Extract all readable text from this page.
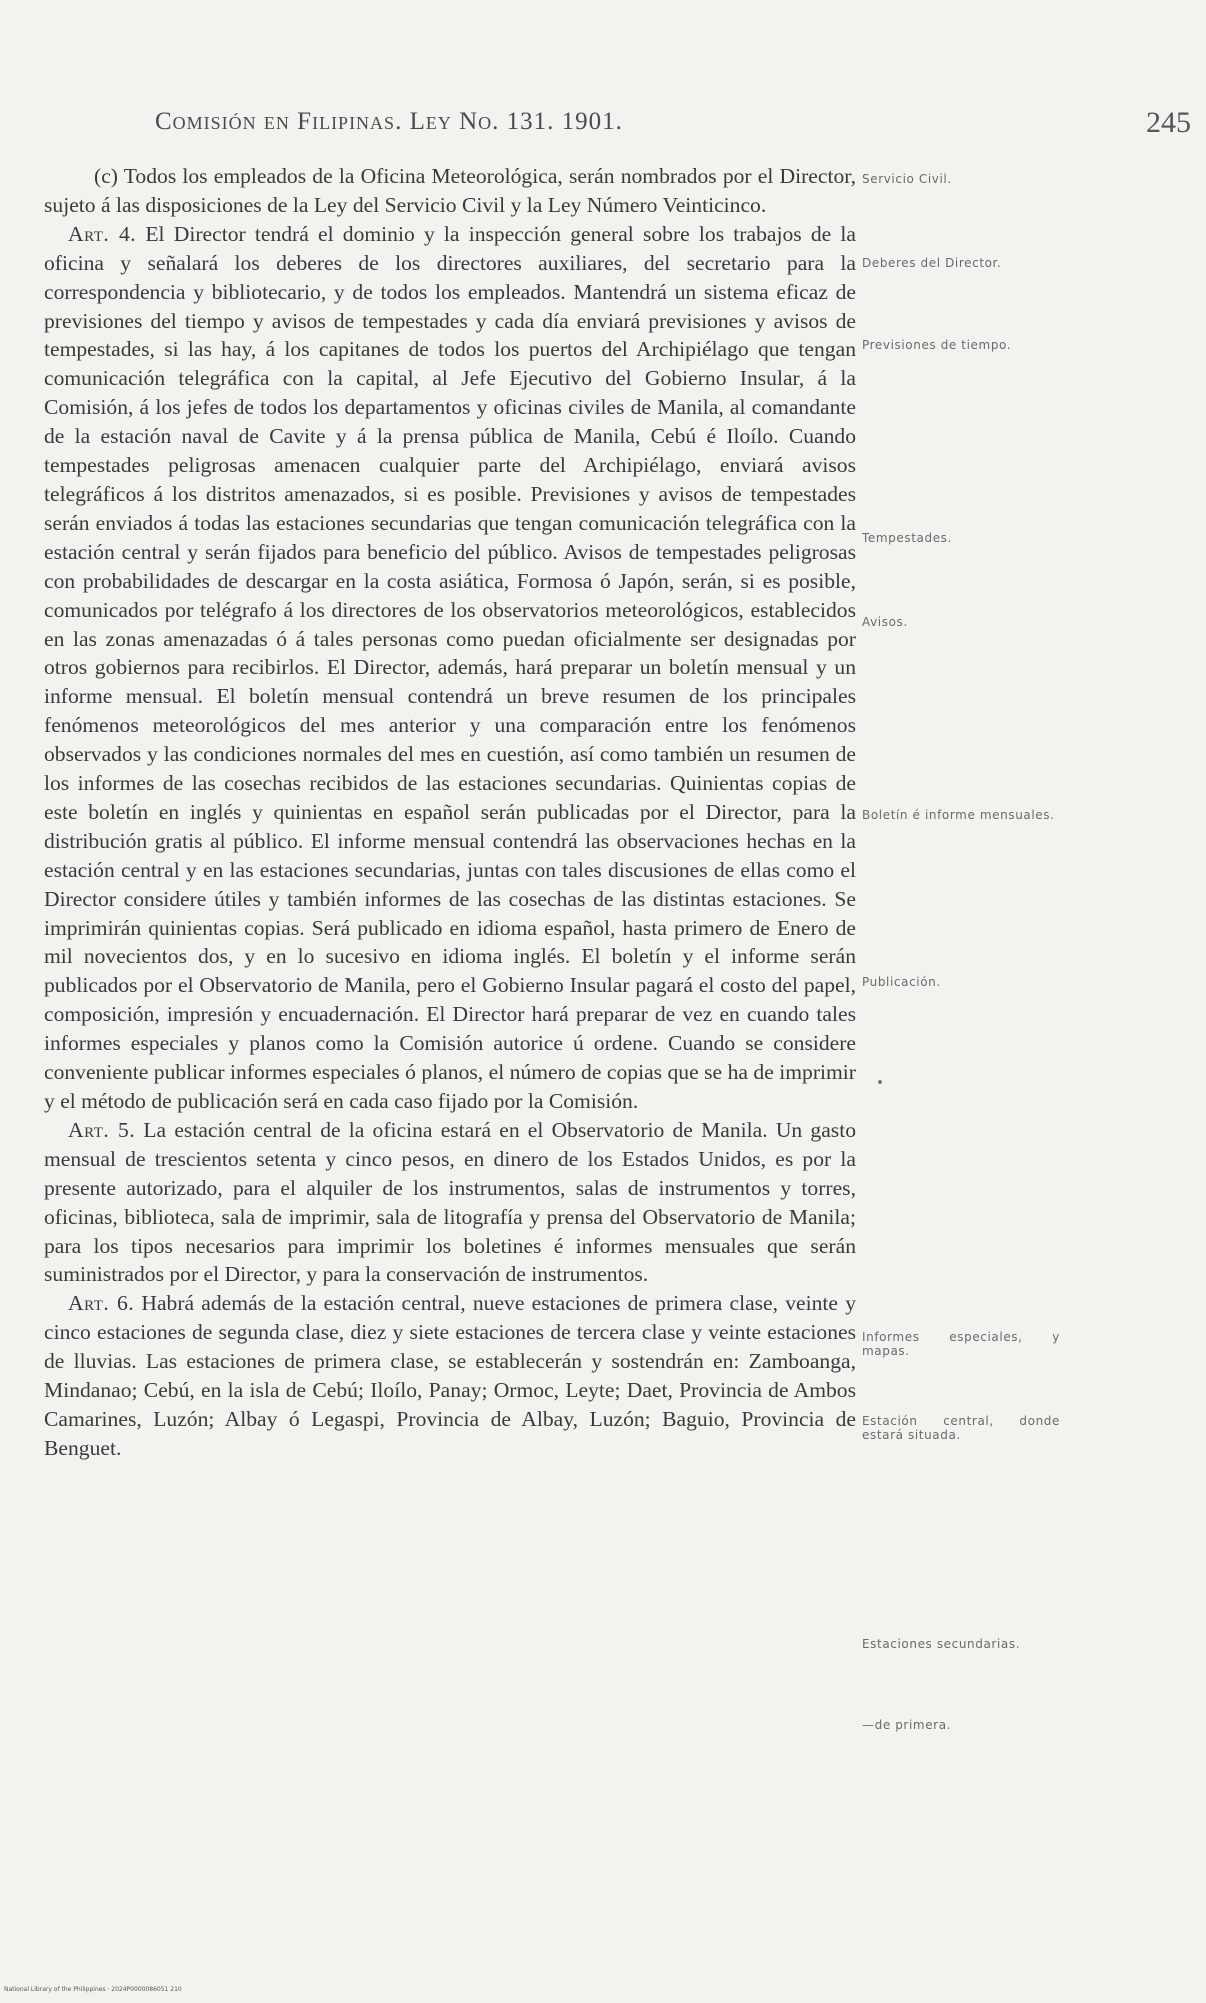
Comisión en Filipinas. Ley No. 131. 1901.	245

(c) Todos los empleados de la Oficina Meteorológica, serán nombrados por el Director, sujeto á las disposiciones de la Ley del Servicio Civil y la Ley Número Veinticinco.

Art. 4. El Director tendrá el dominio y la inspección general sobre los trabajos de la oficina y señalará los deberes de los directores auxiliares, del secretario para la correspondencia y bibliotecario, y de todos los empleados. Mantendrá un sistema eficaz de previsiones del tiempo y avisos de tempestades y cada día enviará previsiones y avisos de tempestades, si las hay, á los capitanes de todos los puertos del Archipiélago que tengan comunicación telegráfica con la capital, al Jefe Ejecutivo del Gobierno Insular, á la Comisión, á los jefes de todos los departamentos y oficinas civiles de Manila, al comandante de la estación naval de Cavite y á la prensa pública de Manila, Cebú é Iloílo. Cuando tempestades peligrosas amenacen cualquier parte del Archipiélago, enviará avisos telegráficos á los distritos amenazados, si es posible. Previsiones y avisos de tempestades serán enviados á todas las estaciones secundarias que tengan comunicación telegráfica con la estación central y serán fijados para beneficio del público. Avisos de tempestades peligrosas con probabilidades de descargar en la costa asiática, Formosa ó Japón, serán, si es posible, comunicados por telégrafo á los directores de los observatorios meteorológicos, establecidos en las zonas amenazadas ó á tales personas como puedan oficialmente ser designadas por otros gobiernos para recibirlos. El Director, además, hará preparar un boletín mensual y un informe mensual. El boletín mensual contendrá un breve resumen de los principales fenómenos meteorológicos del mes anterior y una comparación entre los fenómenos observados y las condiciones normales del mes en cuestión, así como también un resumen de los informes de las cosechas recibidos de las estaciones secundarias. Quinientas copias de este boletín en inglés y quinientas en español serán publicadas por el Director, para la distribución gratis al público. El informe mensual contendrá las observaciones hechas en la estación central y en las estaciones secundarias, juntas con tales discusiones de ellas como el Director considere útiles y también informes de las cosechas de las distintas estaciones. Se imprimirán quinientas copias. Será publicado en idioma español, hasta primero de Enero de mil novecientos dos, y en lo sucesivo en idioma inglés. El boletín y el informe serán publicados por el Observatorio de Manila, pero el Gobierno Insular pagará el costo del papel, composición, impresión y encuadernación. El Director hará preparar de vez en cuando tales informes especiales y planos como la Comisión autorice ú ordene. Cuando se considere conveniente publicar informes especiales ó planos, el número de copias que se ha de imprimir y el método de publicación será en cada caso fijado por la Comisión.

Art. 5. La estación central de la oficina estará en el Observatorio de Manila. Un gasto mensual de trescientos setenta y cinco pesos, en dinero de los Estados Unidos, es por la presente autorizado, para el alquiler de los instrumentos, salas de instrumentos y torres, oficinas, biblioteca, sala de imprimir, sala de litografía y prensa del Observatorio de Manila; para los tipos necesarios para imprimir los boletines é informes mensuales que serán suministrados por el Director, y para la conservación de instrumentos.

Art. 6. Habrá además de la estación central, nueve estaciones de primera clase, veinte y cinco estaciones de segunda clase, diez y siete estaciones de tercera clase y veinte estaciones de lluvias. Las estaciones de primera clase, se establecerán y sostendrán en: Zamboanga, Mindanao; Cebú, en la isla de Cebú; Iloílo, Panay; Ormoc, Leyte; Daet, Provincia de Ambos Camarines, Luzón; Albay ó Legaspi, Provincia de Albay, Luzón; Baguio, Provincia de Benguet.

Servicio Civil.
Deberes del Director.
Previsiones de tiempo.
Tempestades.
Avisos.
Boletín é informe mensuales.
Publicación.
Informes especiales, y mapas.
Estación central, donde estará situada.
Estaciones secundarias.
—de primera.
National Library of the Philippines · 2024P0000086051 210
